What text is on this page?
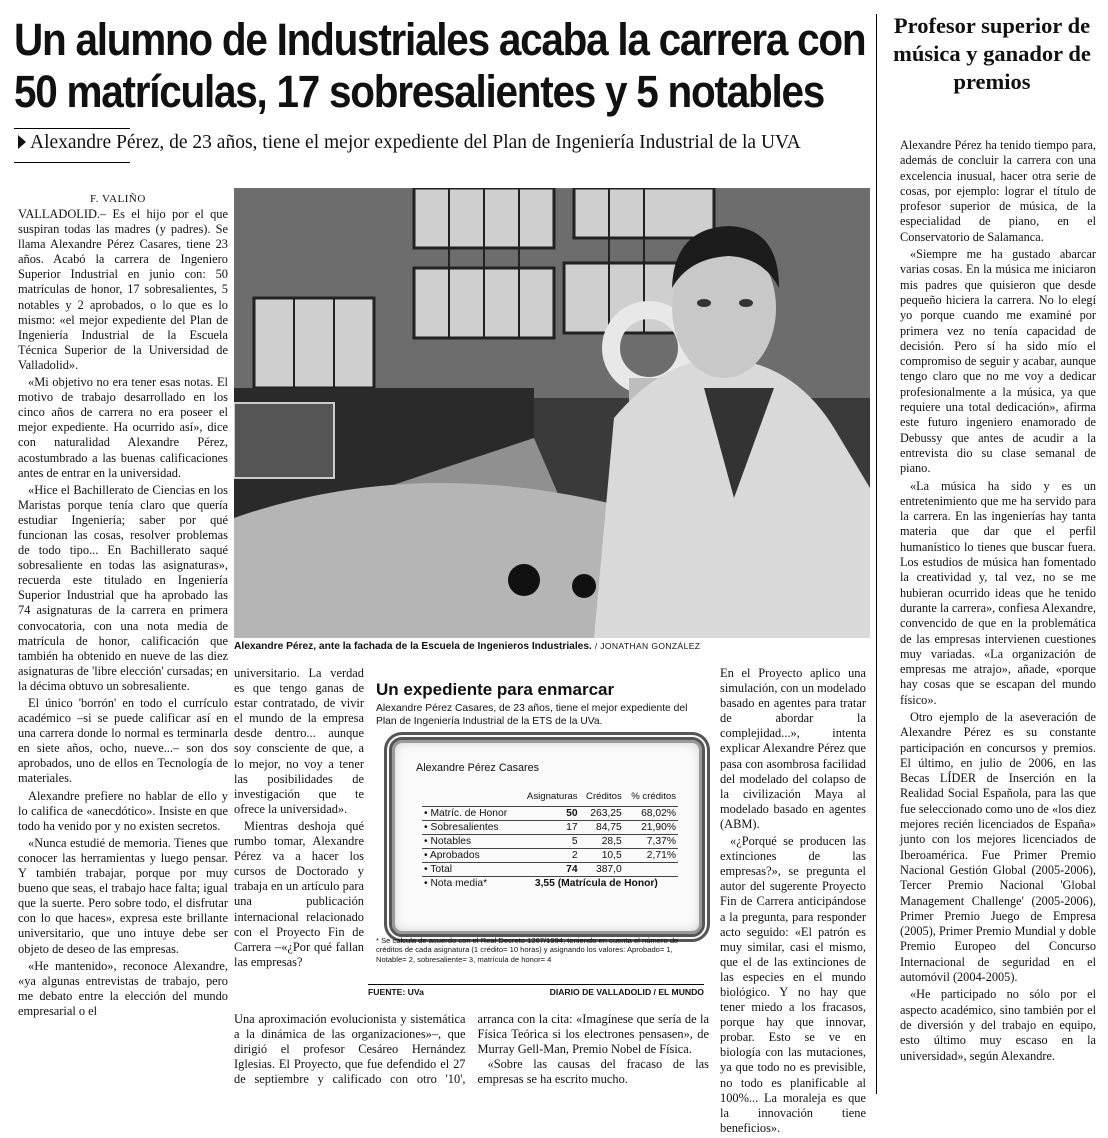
Un alumno de Industriales acaba la carrera con
50 matrículas, 17 sobresalientes y 5 notables
Alexandre Pérez, de 23 años, tiene el mejor expediente del Plan de Ingeniería Industrial de la UVA
F. VALIÑO

VALLADOLID.– Es el hijo por el que suspiran todas las madres (y padres). Se llama Alexandre Pérez Casares, tiene 23 años. Acabó la carrera de Ingeniero Superior Industrial en junio con: 50 matrículas de honor, 17 sobresalientes, 5 notables y 2 aprobados, o lo que es lo mismo: «el mejor expediente del Plan de Ingeniería Industrial de la Escuela Técnica Superior de la Universidad de Valladolid».

«Mi objetivo no era tener esas notas. El motivo de trabajo desarrollado en los cinco años de carrera no era poseer el mejor expediente. Ha ocurrido así», dice con naturalidad Alexandre Pérez, acostumbrado a las buenas calificaciones antes de entrar en la universidad.

«Hice el Bachillerato de Ciencias en los Maristas porque tenía claro que quería estudiar Ingeniería; saber por qué funcionan las cosas, resolver problemas de todo tipo... En Bachillerato saqué sobresaliente en todas las asignaturas», recuerda este titulado en Ingeniería Superior Industrial que ha aprobado las 74 asignaturas de la carrera en primera convocatoria, con una nota media de matrícula de honor, calificación que también ha obtenido en nueve de las diez asignaturas de 'libre elección' cursadas; en la décima obtuvo un sobresaliente.

El único 'borrón' en todo el currículo académico –si se puede calificar así en una carrera donde lo normal es terminarla en siete años, ocho, nueve...– son dos aprobados, uno de ellos en Tecnología de materiales.

Alexandre prefiere no hablar de ello y lo califica de «anecdótico». Insiste en que todo ha venido por y no existen secretos.

«Nunca estudié de memoria. Tienes que conocer las herramientas y luego pensar. Y también trabajar, porque por muy bueno que seas, el trabajo hace falta; igual que la suerte. Pero sobre todo, el disfrutar con lo que haces», expresa este brillante universitario, que uno intuye debe ser objeto de deseo de las empresas.

«He mantenido», reconoce Alexandre, «ya algunas entrevistas de trabajo, pero me debato entre la elección del mundo empresarial o el

Alexandre Pérez, ante la fachada de la Escuela de Ingenieros Industriales. / JONATHAN GONZÁLEZ

universitario. La verdad es que tengo ganas de estar contratado, de vivir el mundo de la empresa desde dentro... aunque soy consciente de que, a lo mejor, no voy a tener las posibilidades de investigación que te ofrece la universidad».

Mientras deshoja qué rumbo tomar, Alexandre Pérez va a hacer los cursos de Doctorado y trabaja en un artículo para una publicación internacional relacionado con el Proyecto Fin de Carrera –«¿Por qué fallan las empresas?

Una aproximación evolucionista y sistemática a la dinámica de las organizaciones»–, que dirigió el profesor Cesáreo Hernández Iglesias. El Proyecto, que fue defendido el 27 de septiembre y calificado con otro '10', arranca con la cita: «Imagínese que sería de la Física Teórica si los electrones pensasen», de Murray Gell-Man, Premio Nobel de Física.

«Sobre las causas del fracaso de las empresas se ha escrito mucho.

En el Proyecto aplico una simulación, con un modelado basado en agentes para tratar de abordar la complejidad...», intenta explicar Alexandre Pérez que pasa con asombrosa facilidad del modelado del colapso de la civilización Maya al modelado basado en agentes (ABM).

«¿Porqué se producen las extinciones de las empresas?», se pregunta el autor del sugerente Proyecto Fin de Carrera anticipándose a la pregunta, para responder acto seguido: «El patrón es muy similar, casi el mismo, que el de las extinciones de las especies en el mundo biológico. Y no hay que tener miedo a los fracasos, porque hay que innovar, probar. Esto se ve en biología con las mutaciones, ya que todo no es previsible, no todo es planificable al 100%... La moraleja es que la innovación tiene beneficios».

Un expediente para enmarcar
Alexandre Pérez Casares, de 23 años, tiene el mejor expediente del Plan de Ingeniería Industrial de la ETS de la UVa.
Alexandre Pérez Casares
	Asignaturas	Créditos	% créditos
• Matríc. de Honor	50	263,25	68,02%
• Sobresalientes	17	84,75	21,90%
• Notables	5	28,5	7,37%
• Aprobados	2	10,5	2,71%
• Total	74	387,0	
• Nota media*	3,55 (Matrícula de Honor)		
* Se calcula de acuerdo con el Real Decreto 1267/1994, teniendo en cuenta el número de créditos de cada asignatura (1 crédito= 10 horas) y asignando los valores: Aprobado= 1, Notable= 2, sobresaliente= 3, matrícula de honor= 4
FUENTE: UVa	DIARIO DE VALLADOLID / EL MUNDO
Profesor superior de música y ganador de premios

Alexandre Pérez ha tenido tiempo para, además de concluir la carrera con una excelencia inusual, hacer otra serie de cosas, por ejemplo: lograr el título de profesor superior de música, de la especialidad de piano, en el Conservatorio de Salamanca.

«Siempre me ha gustado abarcar varias cosas. En la música me iniciaron mis padres que quisieron que desde pequeño hiciera la carrera. No lo elegí yo porque cuando me examiné por primera vez no tenía capacidad de decisión. Pero sí ha sido mío el compromiso de seguir y acabar, aunque tengo claro que no me voy a dedicar profesionalmente a la música, ya que requiere una total dedicación», afirma este futuro ingeniero enamorado de Debussy que antes de acudir a la entrevista dio su clase semanal de piano.

«La música ha sido y es un entretenimiento que me ha servido para la carrera. En las ingenierías hay tanta materia que dar que el perfil humanístico lo tienes que buscar fuera. Los estudios de música han fomentado la creatividad y, tal vez, no se me hubieran ocurrido ideas que he tenido durante la carrera», confiesa Alexandre, convencido de que en la problemática de las empresas intervienen cuestiones muy variadas. «La organización de empresas me atrajo», añade, «porque hay cosas que se escapan del mundo físico».

Otro ejemplo de la aseveración de Alexandre Pérez es su constante participación en concursos y premios. El último, en julio de 2006, en las Becas LÍDER de Inserción en la Realidad Social Española, para las que fue seleccionado como uno de «los diez mejores recién licenciados de España» junto con los mejores licenciados de Iberoamérica. Fue Primer Premio Nacional Gestión Global (2005-2006), Tercer Premio Nacional 'Global Management Challenge' (2005-2006), Primer Premio Juego de Empresa (2005), Primer Premio Mundial y doble Premio Europeo del Concurso Internacional de seguridad en el automóvil (2004-2005).

«He participado no sólo por el aspecto académico, sino también por el de diversión y del trabajo en equipo, esto último muy escaso en la universidad», según Alexandre.
